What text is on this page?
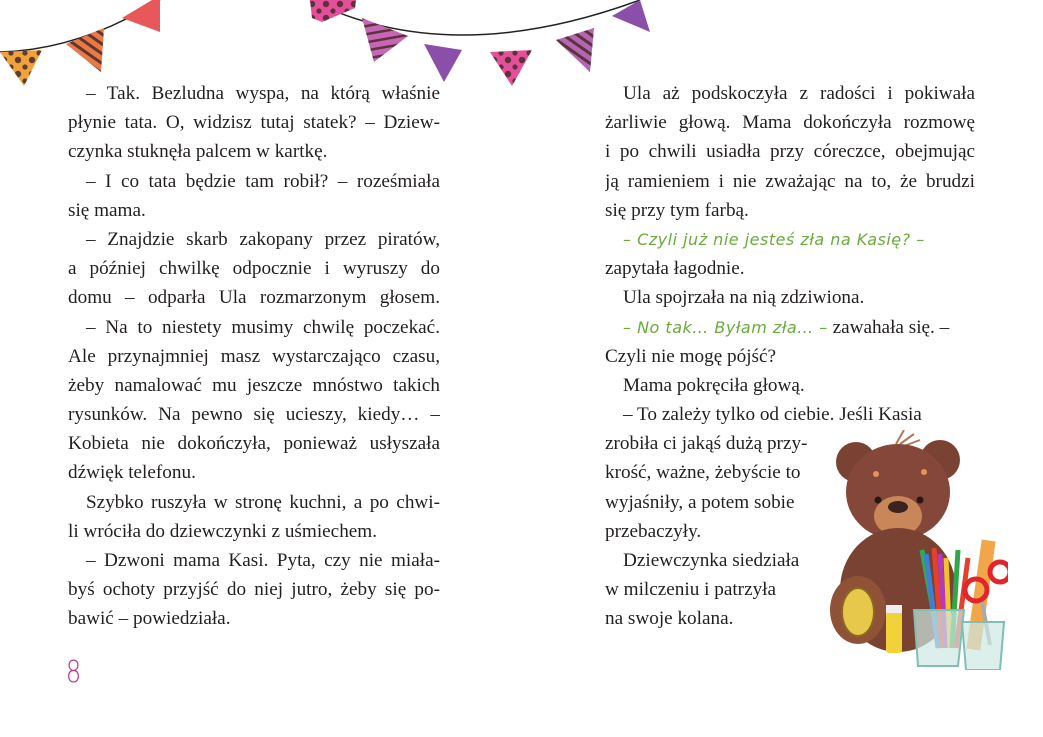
– Tak. Bezludna wyspa, na którą właśnie
płynie tata. O, widzisz tutaj statek? – Dziew-
czynka stuknęła palcem w kartkę.
– I co tata będzie tam robił? – roześmiała
się mama.
– Znajdzie skarb zakopany przez piratów,
a później chwilkę odpocznie i wyruszy do
domu – odparła Ula rozmarzonym głosem.
– Na to niestety musimy chwilę poczekać.
Ale przynajmniej masz wystarczająco czasu,
żeby namalować mu jeszcze mnóstwo takich
rysunków. Na pewno się ucieszy, kiedy… –
Kobieta nie dokończyła, ponieważ usłyszała
dźwięk telefonu.
Szybko ruszyła w stronę kuchni, a po chwi-
li wróciła do dziewczynki z uśmiechem.
– Dzwoni mama Kasi. Pyta, czy nie miała-
byś ochoty przyjść do niej jutro, żeby się po-
bawić – powiedziała.
Ula aż podskoczyła z radości i pokiwała
żarliwie głową. Mama dokończyła rozmowę
i po chwili usiadła przy córeczce, obejmując
ją ramieniem i nie zważając na to, że brudzi
się przy tym farbą.
– Czyli już nie jesteś zła na Kasię? –
zapytała łagodnie.
Ula spojrzała na nią zdziwiona.
– No tak… Byłam zła… – zawahała się. –
Czyli nie mogę pójść?
Mama pokręciła głową.
– To zależy tylko od ciebie. Jeśli Kasia
zrobiła ci jakąś dużą przy-
krość, ważne, żebyście to
wyjaśniły, a potem sobie
przebaczyły.
Dziewczynka siedziała
w milczeniu i patrzyła
na swoje kolana.
8
